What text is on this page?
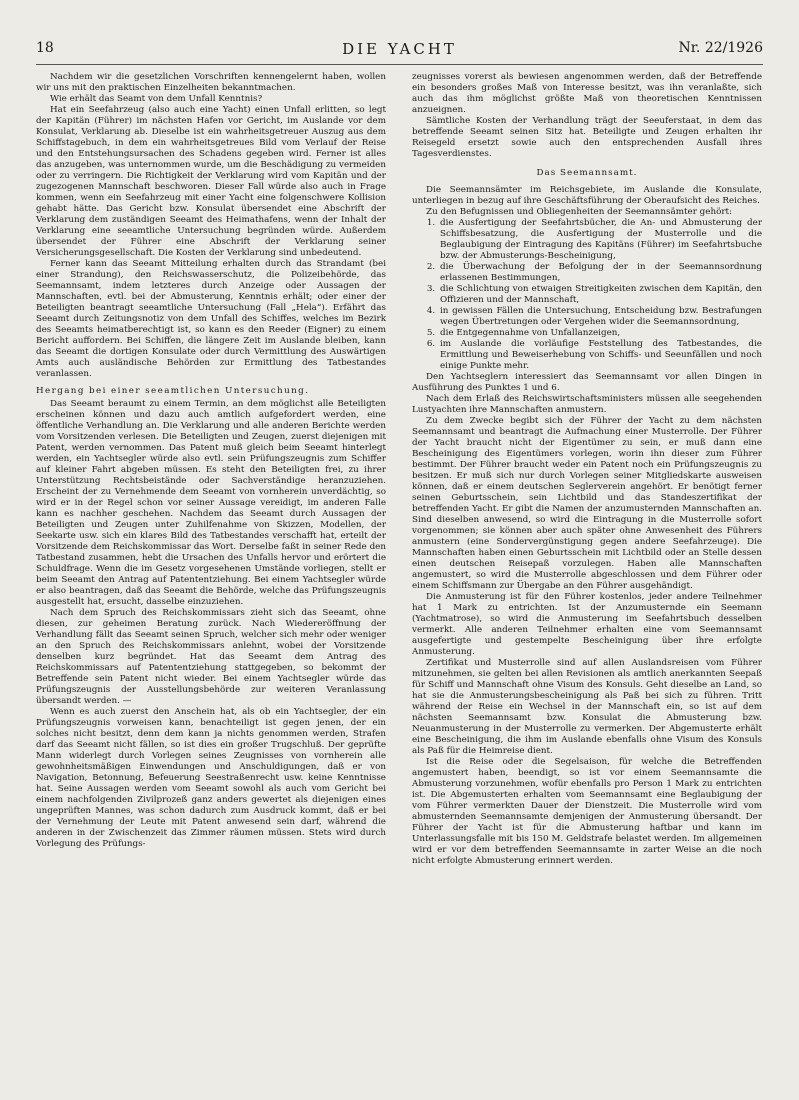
18	DIE YACHT	Nr. 22/1926

Nachdem wir die gesetzlichen Vorschriften kennengelernt haben, wollen wir uns mit den praktischen Einzelheiten bekanntmachen.

Wie erhält das Seamt von dem Unfall Kenntnis?

Hat ein Seefahrzeug (also auch eine Yacht) einen Unfall erlitten, so legt der Kapitän (Führer) im nächsten Hafen vor Gericht, im Auslande vor dem Konsulat, Verklarung ab. Dieselbe ist ein wahrheitsgetreuer Auszug aus dem Schiffstagebuch, in dem ein wahrheitsgetreues Bild vom Verlauf der Reise und den Entstehungsursachen des Schadens gegeben wird. Ferner ist alles das anzugeben, was unternommen wurde, um die Beschädigung zu vermeiden oder zu verringern. Die Richtigkeit der Verklarung wird vom Kapitän und der zugezogenen Mannschaft beschworen. Dieser Fall würde also auch in Frage kommen, wenn ein Seefahrzeug mit einer Yacht eine folgenschwere Kollision gehabt hätte. Das Gericht bzw. Konsulat übersendet eine Abschrift der Verklarung dem zuständigen Seeamt des Heimathafens, wenn der Inhalt der Verklarung eine seeamtliche Untersuchung begründen würde. Außerdem übersendet der Führer eine Abschrift der Verklarung seiner Versicherungsgesellschaft. Die Kosten der Verklarung sind unbedeutend.

Ferner kann das Seeamt Mitteilung erhalten durch das Strandamt (bei einer Strandung), den Reichswasserschutz, die Polizeibehörde, das Seemannsamt, indem letzteres durch Anzeige oder Aussagen der Mannschaften, evtl. bei der Abmusterung, Kenntnis erhält; oder einer der Beteiligten beantragt seeamtliche Untersuchung (Fall „Hela“). Erfährt das Seeamt durch Zeitungsnotiz von dem Unfall des Schiffes, welches im Bezirk des Seeamts heimatberechtigt ist, so kann es den Reeder (Eigner) zu einem Bericht auffordern. Bei Schiffen, die längere Zeit im Auslande bleiben, kann das Seeamt die dortigen Konsulate oder durch Vermittlung des Auswärtigen Amts auch ausländische Behörden zur Ermittlung des Tatbestandes veranlassen.

Hergang bei einer seeamtlichen Untersuchung.

Das Seeamt beraumt zu einem Termin, an dem möglichst alle Beteiligten erscheinen können und dazu auch amtlich aufgefordert werden, eine öffentliche Verhandlung an. Die Verklarung und alle anderen Berichte werden vom Vorsitzenden verlesen. Die Beteiligten und Zeugen, zuerst diejenigen mit Patent, werden vernommen. Das Patent muß gleich beim Seeamt hinterlegt werden, ein Yachtsegler würde also evtl. sein Prüfungszeugnis zum Schiffer auf kleiner Fahrt abgeben müssen. Es steht den Beteiligten frei, zu ihrer Unterstützung Rechtsbeistände oder Sachverständige heranzuziehen. Erscheint der zu Vernehmende dem Seeamt von vornherein unverdächtig, so wird er in der Regel schon vor seiner Aussage vereidigt, im anderen Falle kann es nachher geschehen. Nachdem das Seeamt durch Aussagen der Beteiligten und Zeugen unter Zuhilfenahme von Skizzen, Modellen, der Seekarte usw. sich ein klares Bild des Tatbestandes verschafft hat, erteilt der Vorsitzende dem Reichskommissar das Wort. Derselbe faßt in seiner Rede den Tatbestand zusammen, hebt die Ursachen des Unfalls hervor und erörtert die Schuldfrage. Wenn die im Gesetz vorgesehenen Umstände vorliegen, stellt er beim Seeamt den Antrag auf Patententziehung. Bei einem Yachtsegler würde er also beantragen, daß das Seeamt die Behörde, welche das Prüfungszeugnis ausgestellt hat, ersucht, dasselbe einzuziehen.

Nach dem Spruch des Reichskommissars zieht sich das Seeamt, ohne diesen, zur geheimen Beratung zurück. Nach Wiedereröffnung der Verhandlung fällt das Seeamt seinen Spruch, welcher sich mehr oder weniger an den Spruch des Reichskommissars anlehnt, wobei der Vorsitzende denselben kurz begründet. Hat das Seeamt dem Antrag des Reichskommissars auf Patententziehung stattgegeben, so bekommt der Betreffende sein Patent nicht wieder. Bei einem Yachtsegler würde das Prüfungszeugnis der Ausstellungsbehörde zur weiteren Veranlassung übersandt werden. —

Wenn es auch zuerst den Anschein hat, als ob ein Yachtsegler, der ein Prüfungszeugnis vorweisen kann, benachteiligt ist gegen jenen, der ein solches nicht besitzt, denn dem kann ja nichts genommen werden, Strafen darf das Seeamt nicht fällen, so ist dies ein großer Trugschluß. Der geprüfte Mann widerlegt durch Vorlegen seines Zeugnisses von vornherein alle gewohnheitsmäßigen Einwendungen und Anschuldigungen, daß er von Navigation, Betonnung, Befeuerung Seestraßenrecht usw. keine Kenntnisse hat. Seine Aussagen werden vom Seeamt sowohl als auch vom Gericht bei einem nachfolgenden Zivilprozeß ganz anders gewertet als diejenigen eines ungeprüften Mannes, was schon dadurch zum Ausdruck kommt, daß er bei der Vernehmung der Leute mit Patent anwesend sein darf, während die anderen in der Zwischenzeit das Zimmer räumen müssen. Stets wird durch Vorlegung des Prüfungs-

zeugnisses vorerst als bewiesen angenommen werden, daß der Betreffende ein besonders großes Maß von Interesse besitzt, was ihn veranlaßte, sich auch das ihm möglichst größte Maß von theoretischen Kenntnissen anzueignen.

Sämtliche Kosten der Verhandlung trägt der Seeuferstaat, in dem das betreffende Seeamt seinen Sitz hat. Beteiligte und Zeugen erhalten ihr Reisegeld ersetzt sowie auch den entsprechenden Ausfall ihres Tagesverdienstes.

Das Seemannsamt.

Die Seemannsämter im Reichsgebiete, im Auslande die Konsulate, unterliegen in bezug auf ihre Geschäftsführung der Oberaufsicht des Reiches.

Zu den Befugnissen und Obliegenheiten der Seemannsämter gehört:

1. die Ausfertigung der Seefahrtsbücher, die An- und Abmusterung der Schiffsbesatzung, die Ausfertigung der Musterrolle und die Beglaubigung der Eintragung des Kapitäns (Führer) im Seefahrtsbuche bzw. der Abmusterungs-Bescheinigung,
2. die Überwachung der Befolgung der in der Seemannsordnung erlassenen Bestimmungen,
3. die Schlichtung von etwaigen Streitigkeiten zwischen dem Kapitän, den Offizieren und der Mannschaft,
4. in gewissen Fällen die Untersuchung, Entscheidung bzw. Bestrafungen wegen Übertretungen oder Vergehen wider die Seemannsordnung,
5. die Entgegennahme von Unfallanzeigen,
6. im Auslande die vorläufige Feststellung des Tatbestandes, die Ermittlung und Beweiserhebung von Schiffs- und Seeunfällen und noch einige Punkte mehr.

Den Yachtseglern interessiert das Seemannsamt vor allen Dingen in Ausführung des Punktes 1 und 6.

Nach dem Erlaß des Reichswirtschaftsministers müssen alle seegehenden Lustyachten ihre Mannschaften anmustern.

Zu dem Zwecke begibt sich der Führer der Yacht zu dem nächsten Seemannsamt und beantragt die Aufmachung einer Musterrolle. Der Führer der Yacht braucht nicht der Eigentümer zu sein, er muß dann eine Bescheinigung des Eigentümers vorlegen, worin ihn dieser zum Führer bestimmt. Der Führer braucht weder ein Patent noch ein Prüfungszeugnis zu besitzen. Er muß sich nur durch Vorlegen seiner Mitgliedskarte ausweisen können, daß er einem deutschen Seglerverein angehört. Er benötigt ferner seinen Geburtsschein, sein Lichtbild und das Standeszertifikat der betreffenden Yacht. Er gibt die Namen der anzumusternden Mannschaften an. Sind dieselben anwesend, so wird die Eintragung in die Musterrolle sofort vorgenommen; sie können aber auch später ohne Anwesenheit des Führers anmustern (eine Sondervergünstigung gegen andere Seefahrzeuge). Die Mannschaften haben einen Geburtsschein mit Lichtbild oder an Stelle dessen einen deutschen Reisepaß vorzulegen. Haben alle Mannschaften angemustert, so wird die Musterrolle abgeschlossen und dem Führer oder einem Schiffsmann zur Übergabe an den Führer ausgehändigt.

Die Anmusterung ist für den Führer kostenlos, jeder andere Teilnehmer hat 1 Mark zu entrichten. Ist der Anzumusternde ein Seemann (Yachtmatrose), so wird die Anmusterung im Seefahrtsbuch desselben vermerkt. Alle anderen Teilnehmer erhalten eine vom Seemannsamt ausgefertigte und gestempelte Bescheinigung über ihre erfolgte Anmusterung.

Zertifikat und Musterrolle sind auf allen Auslandsreisen vom Führer mitzunehmen, sie gelten bei allen Revisionen als amtlich anerkannten Seepaß für Schiff und Mannschaft ohne Visum des Konsuls. Geht dieselbe an Land, so hat sie die Anmusterungsbescheinigung als Paß bei sich zu führen. Tritt während der Reise ein Wechsel in der Mannschaft ein, so ist auf dem nächsten Seemannsamt bzw. Konsulat die Abmusterung bzw. Neuanmusterung in der Musterrolle zu vermerken. Der Abgemusterte erhält eine Bescheinigung, die ihm im Auslande ebenfalls ohne Visum des Konsuls als Paß für die Heimreise dient.

Ist die Reise oder die Segelsaison, für welche die Betreffenden angemustert haben, beendigt, so ist vor einem Seemannsamte die Abmusterung vorzunehmen, wofür ebenfalls pro Person 1 Mark zu entrichten ist. Die Abgemusterten erhalten vom Seemannsamt eine Beglaubigung der vom Führer vermerkten Dauer der Dienstzeit. Die Musterrolle wird vom abmusternden Seemannsamte demjenigen der Anmusterung übersandt. Der Führer der Yacht ist für die Abmusterung haftbar und kann im Unterlassungsfalle mit bis 150 M. Geldstrafe belastet werden. Im allgemeinen wird er vor dem betreffenden Seemannsamte in zarter Weise an die noch nicht erfolgte Abmusterung erinnert werden.
